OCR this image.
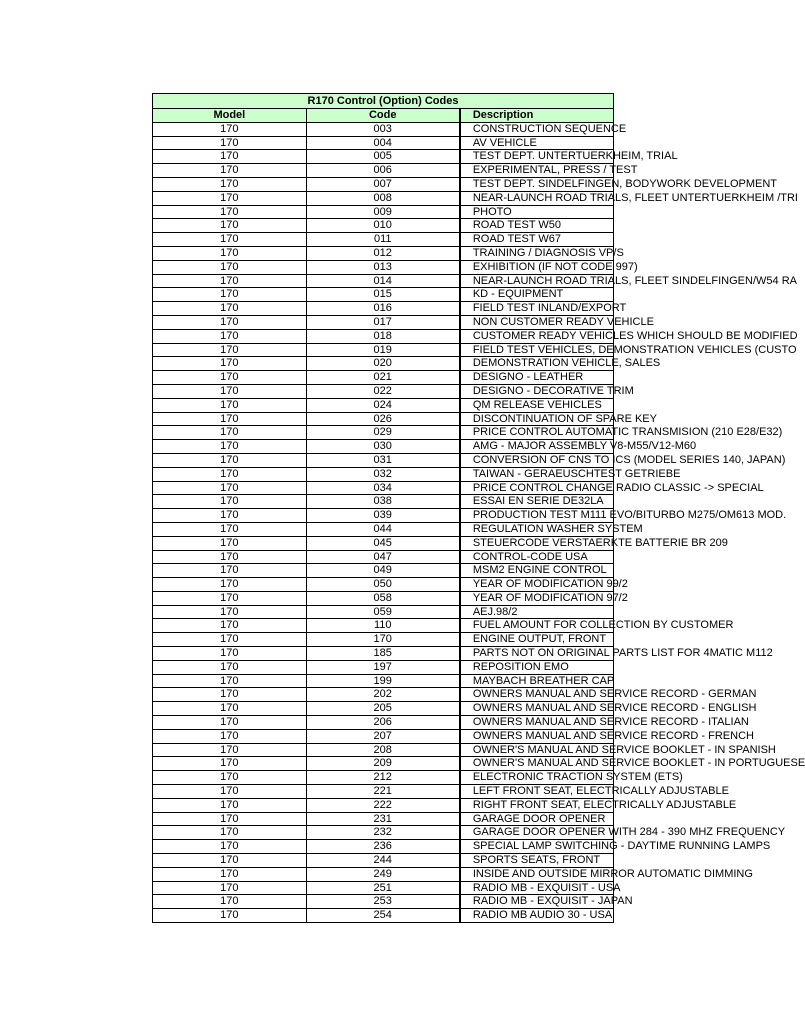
R170 Control (Option) Codes		
Model	Code	Description
170	003	CONSTRUCTION SEQUENCE
170	004	AV VEHICLE
170	005	TEST DEPT. UNTERTUERKHEIM, TRIAL
170	006	EXPERIMENTAL, PRESS / TEST
170	007	TEST DEPT. SINDELFINGEN, BODYWORK DEVELOPMENT
170	008	NEAR-LAUNCH ROAD TRIALS, FLEET UNTERTUERKHEIM /TRI
170	009	PHOTO
170	010	ROAD TEST W50
170	011	ROAD TEST W67
170	012	TRAINING / DIAGNOSIS VP/S
170	013	EXHIBITION (IF NOT CODE 997)
170	014	NEAR-LAUNCH ROAD TRIALS, FLEET SINDELFINGEN/W54 RA
170	015	KD - EQUIPMENT
170	016	FIELD TEST INLAND/EXPORT
170	017	NON CUSTOMER READY VEHICLE
170	018	CUSTOMER READY VEHICLES WHICH SHOULD BE MODIFIED
170	019	FIELD TEST VEHICLES, DEMONSTRATION VEHICLES (CUSTO
170	020	DEMONSTRATION VEHICLE, SALES
170	021	DESIGNO - LEATHER
170	022	DESIGNO - DECORATIVE TRIM
170	024	QM RELEASE VEHICLES
170	026	DISCONTINUATION OF SPARE KEY
170	029	PRICE CONTROL AUTOMATIC TRANSMISION (210 E28/E32)
170	030	AMG - MAJOR ASSEMBLY V8-M55/V12-M60
170	031	CONVERSION OF CNS TO ICS (MODEL SERIES 140, JAPAN)
170	032	TAIWAN - GERAEUSCHTEST GETRIEBE
170	034	PRICE CONTROL CHANGE RADIO CLASSIC -> SPECIAL
170	038	ESSAI EN SERIE DE32LA
170	039	PRODUCTION TEST M111 EVO/BITURBO M275/OM613 MOD.
170	044	REGULATION WASHER SYSTEM
170	045	STEUERCODE VERSTAERKTE BATTERIE BR 209
170	047	CONTROL-CODE USA
170	049	MSM2 ENGINE CONTROL
170	050	YEAR OF MODIFICATION 99/2
170	058	YEAR OF MODIFICATION 97/2
170	059	AEJ.98/2
170	110	FUEL AMOUNT FOR COLLECTION BY CUSTOMER
170	170	ENGINE OUTPUT, FRONT
170	185	PARTS NOT ON ORIGINAL PARTS LIST FOR 4MATIC M112
170	197	REPOSITION EMO
170	199	MAYBACH BREATHER CAP
170	202	OWNERS MANUAL AND SERVICE RECORD - GERMAN
170	205	OWNERS MANUAL AND SERVICE RECORD - ENGLISH
170	206	OWNERS MANUAL AND SERVICE RECORD - ITALIAN
170	207	OWNERS MANUAL AND SERVICE RECORD - FRENCH
170	208	OWNER'S MANUAL AND SERVICE BOOKLET - IN SPANISH
170	209	OWNER'S MANUAL AND SERVICE BOOKLET - IN PORTUGUESE
170	212	ELECTRONIC TRACTION SYSTEM (ETS)
170	221	LEFT FRONT SEAT, ELECTRICALLY ADJUSTABLE
170	222	RIGHT FRONT SEAT, ELECTRICALLY ADJUSTABLE
170	231	GARAGE DOOR OPENER
170	232	GARAGE DOOR OPENER WITH 284 - 390 MHZ FREQUENCY
170	236	SPECIAL LAMP SWITCHING - DAYTIME RUNNING LAMPS
170	244	SPORTS SEATS, FRONT
170	249	INSIDE AND OUTSIDE MIRROR AUTOMATIC DIMMING
170	251	RADIO MB - EXQUISIT - USA
170	253	RADIO MB - EXQUISIT - JAPAN
170	254	RADIO MB AUDIO 30 - USA
